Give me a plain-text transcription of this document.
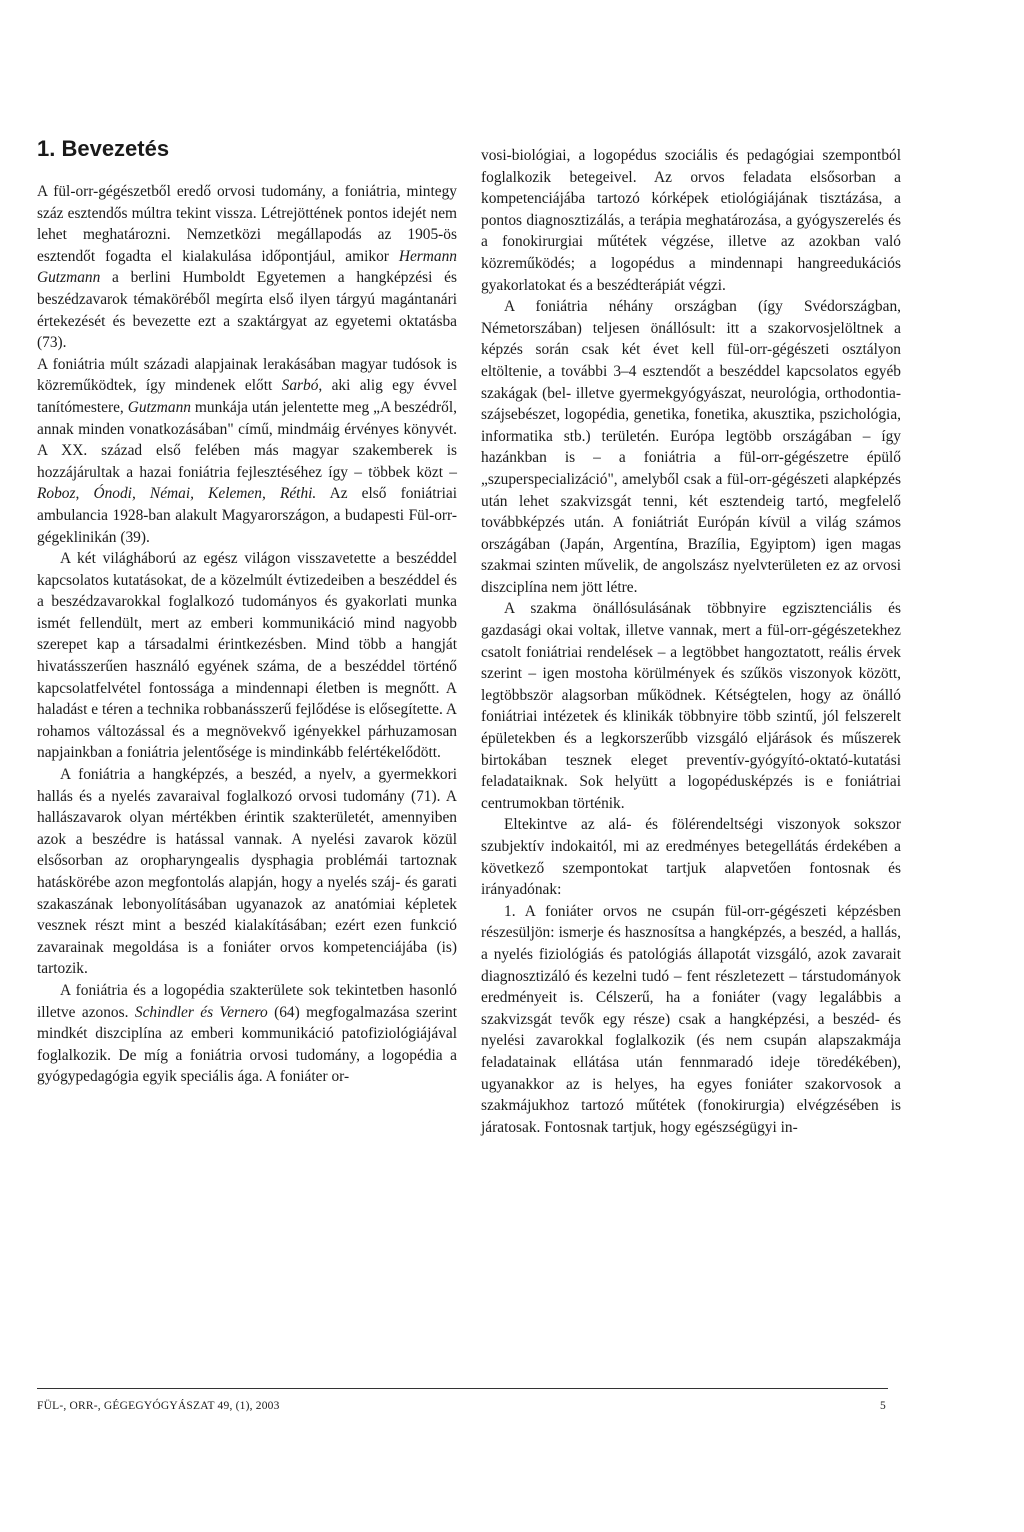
1. Bevezetés

A fül-orr-gégészetből eredő orvosi tudomány, a foniátria, mintegy száz esztendős múltra tekint vissza. Létrejöttének pontos idejét nem lehet meghatározni. Nemzetközi megállapodás az 1905-ös esztendőt fogadta el kialakulása időpontjául, amikor Hermann Gutzmann a berlini Humboldt Egyetemen a hangképzési és beszédzavarok témaköréből megírta első ilyen tárgyú magántanári értekezését és bevezette ezt a szaktárgyat az egyetemi oktatásba (73).

A foniátria múlt századi alapjainak lerakásában magyar tudósok is közreműködtek, így mindenek előtt Sarbó, aki alig egy évvel tanítómestere, Gutzmann munkája után jelentette meg „A beszédről, annak minden vonatkozásában" című, mindmáig érvényes könyvét. A XX. század első felében más magyar szakemberek is hozzájárultak a hazai foniátria fejlesztéséhez így – többek közt – Roboz, Ónodi, Némai, Kelemen, Réthi. Az első foniátriai ambulancia 1928-ban alakult Magyarországon, a budapesti Fül-orr-gégeklinikán (39).

A két világháború az egész világon visszavetette a beszéddel kapcsolatos kutatásokat, de a közelmúlt évtizedeiben a beszéddel és a beszédzavarokkal foglalkozó tudományos és gyakorlati munka ismét fellendült, mert az emberi kommunikáció mind nagyobb szerepet kap a társadalmi érintkezésben. Mind több a hangját hivatásszerűen használó egyének száma, de a beszéddel történő kapcsolatfelvétel fontossága a mindennapi életben is megnőtt. A haladást e téren a technika robbanásszerű fejlődése is elősegítette. A rohamos változással és a megnövekvő igényekkel párhuzamosan napjainkban a foniátria jelentősége is mindinkább felértékelődött.

A foniátria a hangképzés, a beszéd, a nyelv, a gyermekkori hallás és a nyelés zavaraival foglalkozó orvosi tudomány (71). A hallászavarok olyan mértékben érintik szakterületét, amennyiben azok a beszédre is hatással vannak. A nyelési zavarok közül elsősorban az oropharyngealis dysphagia problémái tartoznak hatáskörébe azon megfontolás alapján, hogy a nyelés száj- és garati szakaszának lebonyolításában ugyanazok az anatómiai képletek vesznek részt mint a beszéd kialakításában; ezért ezen funkció zavarainak megoldása is a foniáter orvos kompetenciájába (is) tartozik.

A foniátria és a logopédia szakterülete sok tekintetben hasonló illetve azonos. Schindler és Vernero (64) megfogalmazása szerint mindkét diszciplína az emberi kommunikáció patofiziológiájával foglalkozik. De míg a foniátria orvosi tudomány, a logopédia a gyógypedagógia egyik speciális ága. A foniáter or-

vosi-biológiai, a logopédus szociális és pedagógiai szempontból foglalkozik betegeivel. Az orvos feladata elsősorban a kompetenciájába tartozó kórképek etiológiájának tisztázása, a pontos diagnosztizálás, a terápia meghatározása, a gyógyszerelés és a fonokirurgiai műtétek végzése, illetve az azokban való közreműködés; a logopédus a mindennapi hangreedukációs gyakorlatokat és a beszédterápiát végzi.

A foniátria néhány országban (így Svédországban, Németorszában) teljesen önállósult: itt a szakorvosjelöltnek a képzés során csak két évet kell fül-orr-gégészeti osztályon eltöltenie, a további 3–4 esztendőt a beszéddel kapcsolatos egyéb szakágak (bel- illetve gyermekgyógyászat, neurológia, orthodontia-szájsebészet, logopédia, genetika, fonetika, akusztika, pszichológia, informatika stb.) területén. Európa legtöbb országában – így hazánkban is – a foniátria a fül-orr-gégészetre épülő „szuperspecializáció", amelyből csak a fül-orr-gégészeti alapképzés után lehet szakvizsgát tenni, két esztendeig tartó, megfelelő továbbképzés után. A foniátriát Európán kívül a világ számos országában (Japán, Argentína, Brazília, Egyiptom) igen magas szakmai szinten művelik, de angolszász nyelvterületen ez az orvosi diszciplína nem jött létre.

A szakma önállósulásának többnyire egzisztenciális és gazdasági okai voltak, illetve vannak, mert a fül-orr-gégészetekhez csatolt foniátriai rendelések – a legtöbbet hangoztatott, reális érvek szerint – igen mostoha körülmények és szűkös viszonyok között, legtöbbször alagsorban működnek. Kétségtelen, hogy az önálló foniátriai intézetek és klinikák többnyire több szintű, jól felszerelt épületekben és a legkorszerűbb vizsgáló eljárások és műszerek birtokában tesznek eleget preventív-gyógyító-oktató-kutatási feladataiknak. Sok helyütt a logopédusképzés is e foniátriai centrumokban történik.

Eltekintve az alá- és fölérendeltségi viszonyok sokszor szubjektív indokaitól, mi az eredményes betegellátás érdekében a következő szempontokat tartjuk alapvetően fontosnak és irányadónak:

1. A foniáter orvos ne csupán fül-orr-gégészeti képzésben részesüljön: ismerje és hasznosítsa a hangképzés, a beszéd, a hallás, a nyelés fiziológiás és patológiás állapotát vizsgáló, azok zavarait diagnosztizáló és kezelni tudó – fent részletezett – társtudományok eredményeit is. Célszerű, ha a foniáter (vagy legalábbis a szakvizsgát tevők egy része) csak a hangképzési, a beszéd- és nyelési zavarokkal foglalkozik (és nem csupán alapszakmája feladatainak ellátása után fennmaradó ideje töredékében), ugyanakkor az is helyes, ha egyes foniáter szakorvosok a szakmájukhoz tartozó műtétek (fonokirurgia) elvégzésében is járatosak. Fontosnak tartjuk, hogy egészségügyi in-

FÜL-, ORR-, GÉGEGYÓGYÁSZAT 49, (1), 2003	5
